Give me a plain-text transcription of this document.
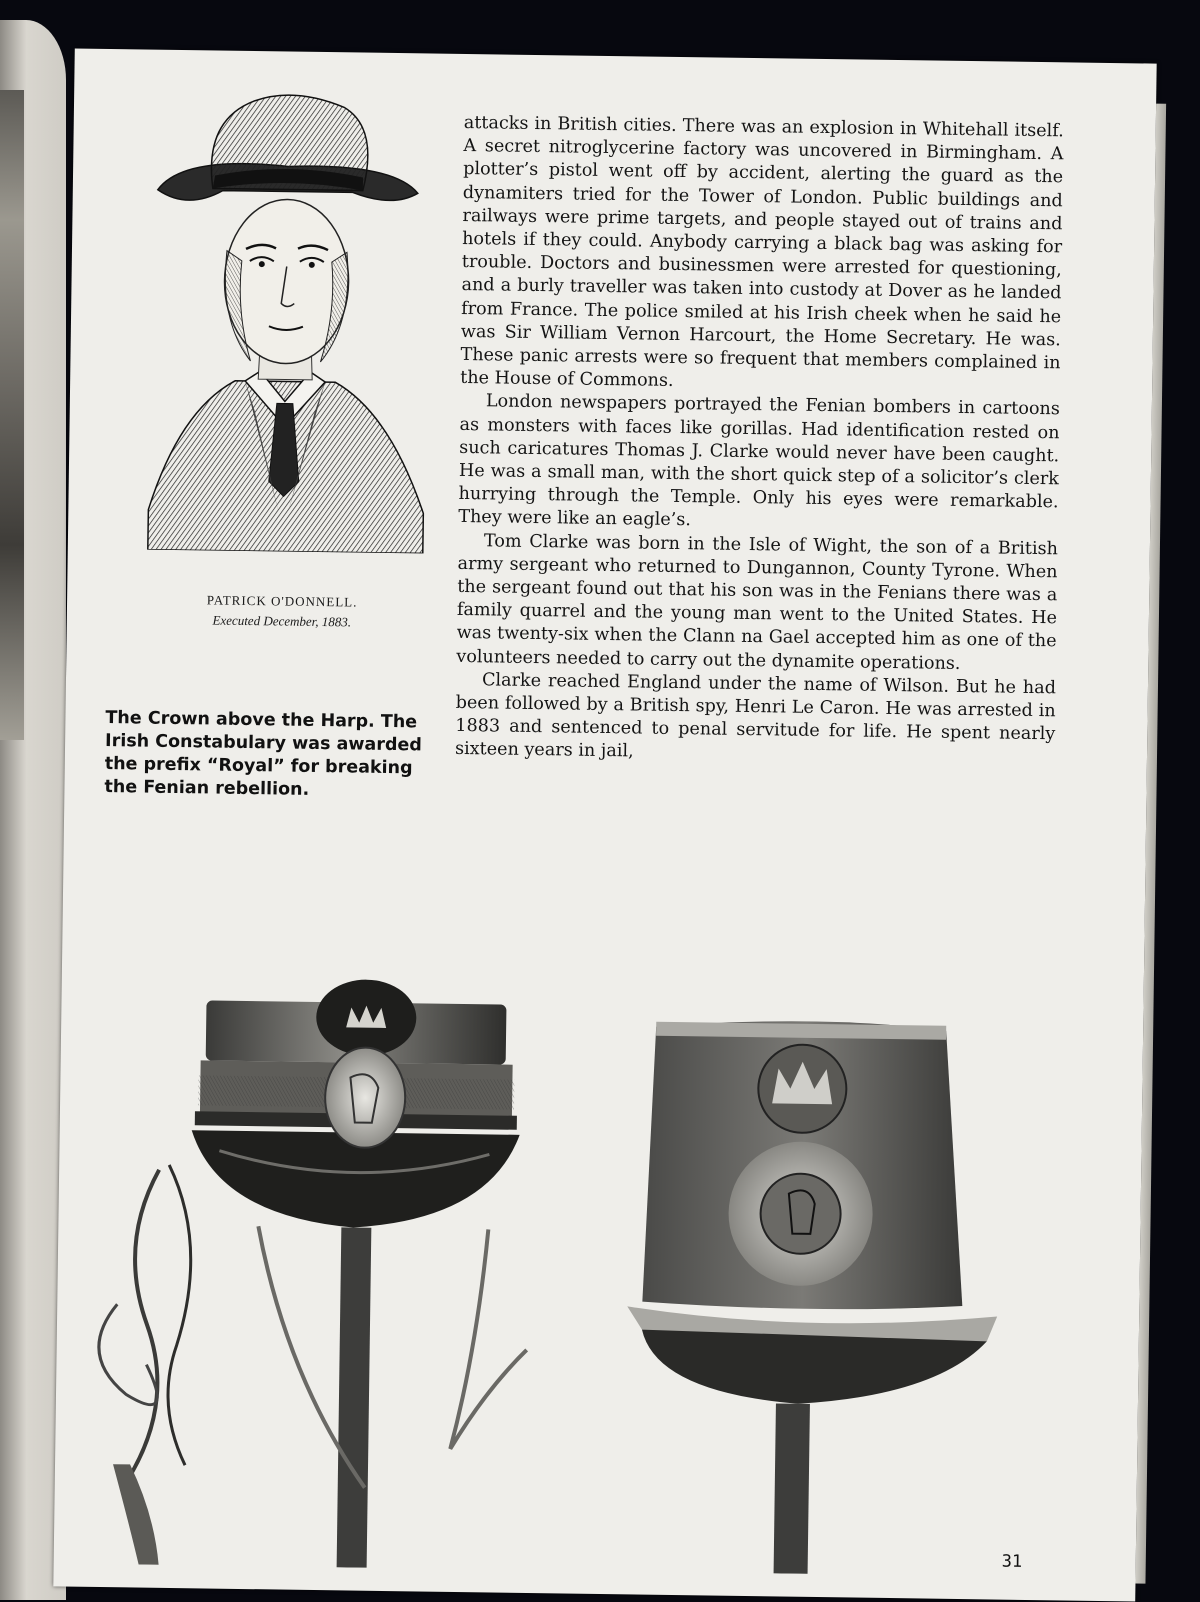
PATRICK O'DONNELL.
Executed December, 1883.
The Crown above the Harp. The Irish Constabulary was awarded the prefix “Royal” for breaking the Fenian rebellion.

attacks in British cities. There was an explosion in Whitehall itself. A secret nitroglycerine factory was uncovered in Birmingham. A plotter’s pistol went off by accident, alerting the guard as the dynamiters tried for the Tower of London. Public buildings and railways were prime targets, and people stayed out of trains and hotels if they could. Anybody carrying a black bag was asking for trouble. Doctors and businessmen were arrested for questioning, and a burly traveller was taken into custody at Dover as he landed from France. The police smiled at his Irish cheek when he said he was Sir William Vernon Harcourt, the Home Secretary. He was. These panic arrests were so frequent that members complained in the House of Commons.

London newspapers portrayed the Fenian bombers in cartoons as monsters with faces like gorillas. Had identification rested on such caricatures Thomas J. Clarke would never have been caught. He was a small man, with the short quick step of a solicitor’s clerk hurrying through the Temple. Only his eyes were remarkable. They were like an eagle’s.

Tom Clarke was born in the Isle of Wight, the son of a British army sergeant who returned to Dungannon, County Tyrone. When the sergeant found out that his son was in the Fenians there was a family quarrel and the young man went to the United States. He was twenty-six when the Clann na Gael accepted him as one of the volunteers needed to carry out the dynamite operations.

Clarke reached England under the name of Wilson. But he had been followed by a British spy, Henri Le Caron. He was arrested in 1883 and sentenced to penal servitude for life. He spent nearly sixteen years in jail,

31
